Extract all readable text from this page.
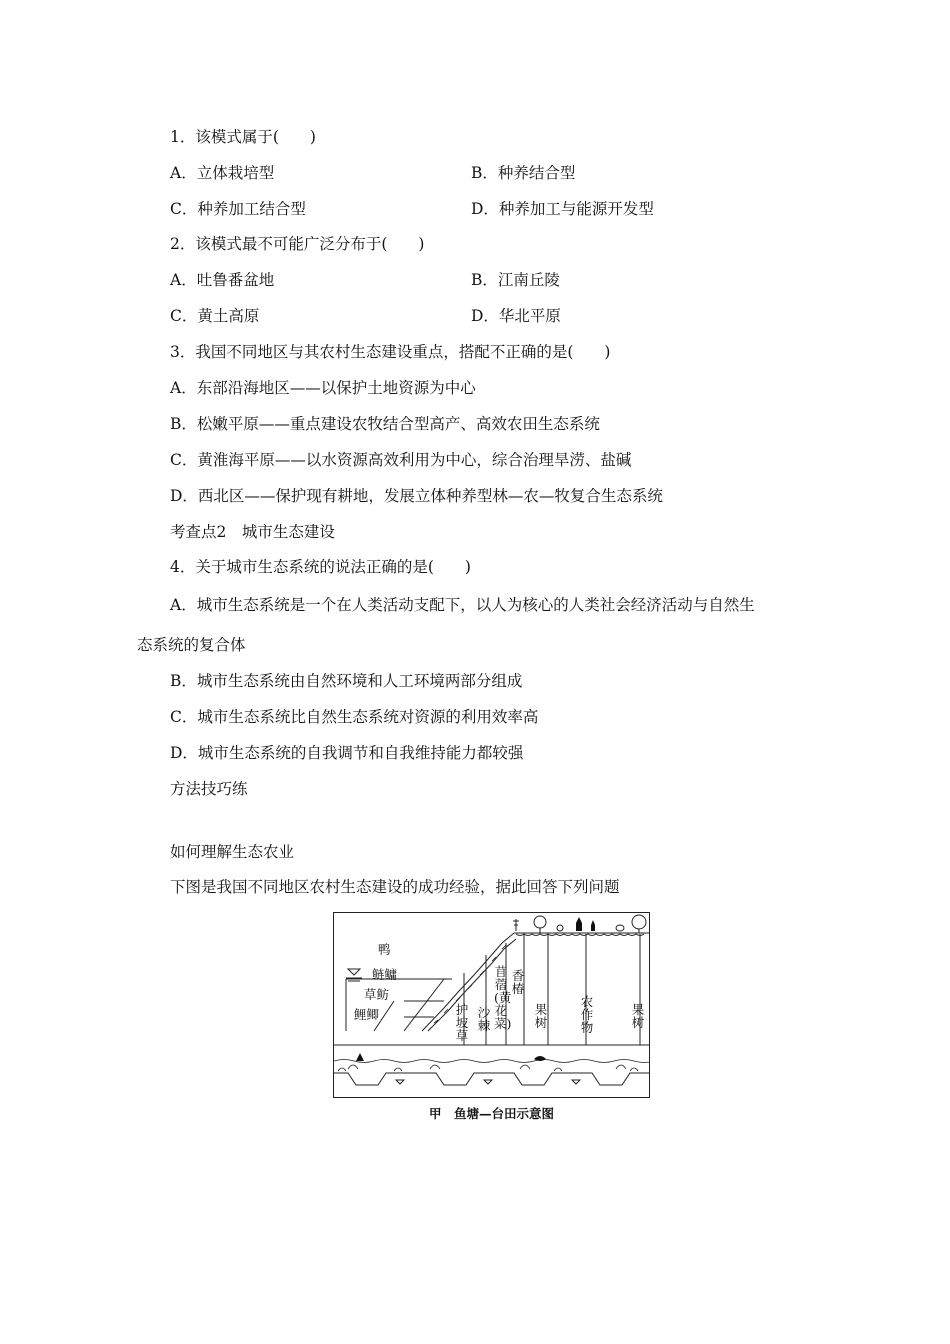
1．该模式属于(　　)
A．立体栽培型	B．种养结合型
C．种养加工结合型	D．种养加工与能源开发型
2．该模式最不可能广泛分布于(　　)
A．吐鲁番盆地	B．江南丘陵
C．黄土高原	D．华北平原
3．我国不同地区与其农村生态建设重点，搭配不正确的是(　　)
A．东部沿海地区——以保护土地资源为中心
B．松嫩平原——重点建设农牧结合型高产、高效农田生态系统
C．黄淮海平原——以水资源高效利用为中心，综合治理旱涝、盐碱
D．西北区——保护现有耕地，发展立体种养型林—农—牧复合生态系统
考查点2　城市生态建设
4．关于城市生态系统的说法正确的是(　　)
A．城市生态系统是一个在人类活动支配下，以人为核心的人类社会经济活动与自然生
态系统的复合体
B．城市生态系统由自然环境和人工环境两部分组成
C．城市生态系统比自然生态系统对资源的利用效率高
D．城市生态系统的自我调节和自我维持能力都较强
方法技巧练
如何理解生态农业
下图是我国不同地区农村生态建设的成功经验，据此回答下列问题
鸭
鲢鳙
草鲂
鲤鲫	护坡草
沙棘
苜蓿(黄花菜)
香椿
果树
农作物
果树
甲　鱼塘—台田示意图
